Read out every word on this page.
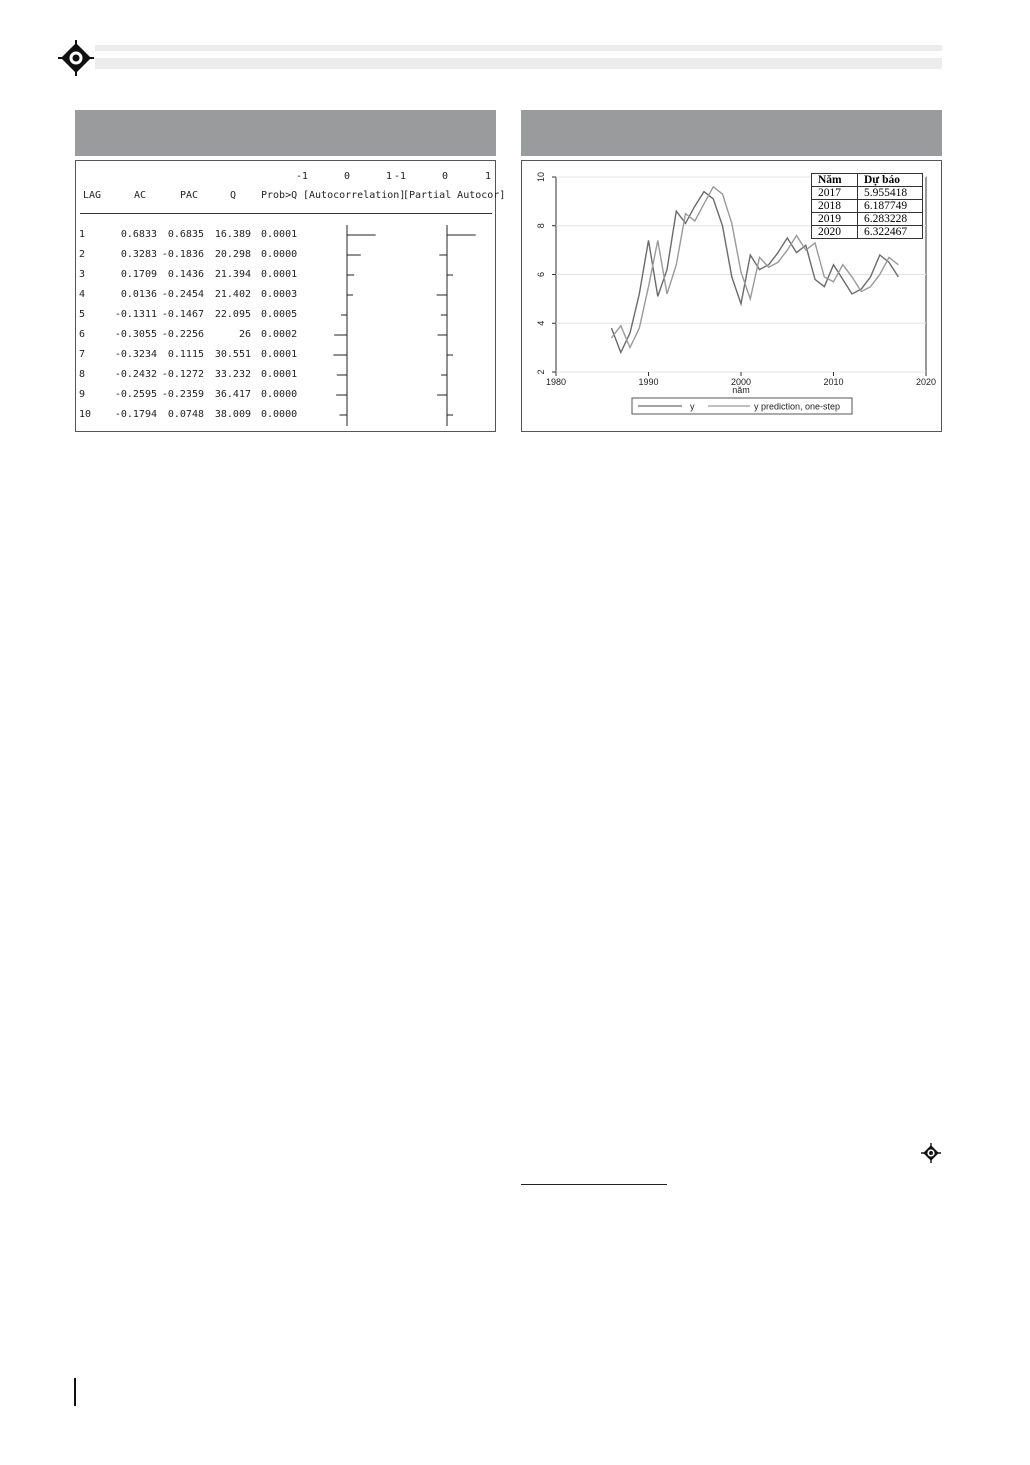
-1	0	1 -1	0	1
LAG	AC	PAC	Q	Prob>Q [Autocorrelation]
[Partial Autocor]
1	0.6833	0.6835	16.389 0.0001
2	0.3283 -0.1836	20.298 0.0000
3	0.1709	0.1436	21.394 0.0001
4	0.0136 -0.2454	21.402 0.0003
5	-0.1311 -0.1467	22.095 0.0005
6	-0.3055 -0.2256	26 0.0002
7	-0.3234	0.1115	30.551 0.0001
8	-0.2432 -0.1272	33.232 0.0001
9	-0.2595 -0.2359	36.417 0.0000
10	-0.1794	0.0748	38.009 0.0000
2
4
6
8
10
1980	1990	2000	2010	2020
năm
y	y prediction, one-step
Năm	Dự báo
2017	5.955418
2018	6.187749
2019	6.283228
2020	6.322467
